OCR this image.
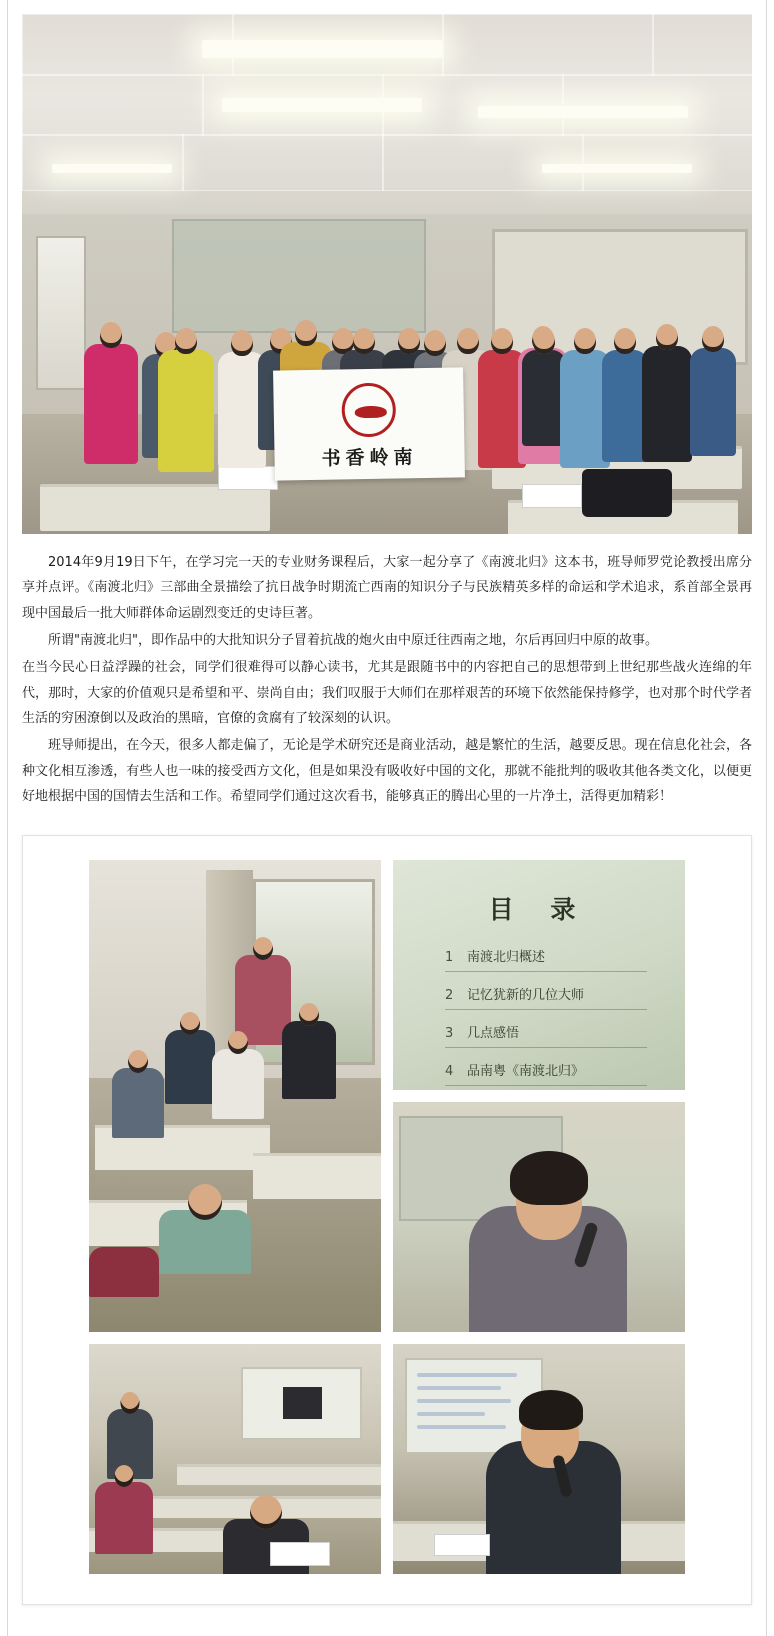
书香岭南

2014年9月19日下午，在学习完一天的专业财务课程后，大家一起分享了《南渡北归》这本书，班导师罗党论教授出席分享并点评。《南渡北归》三部曲全景描绘了抗日战争时期流亡西南的知识分子与民族精英多样的命运和学术追求，系首部全景再现中国最后一批大师群体命运剧烈变迁的史诗巨著。

所谓"南渡北归"，即作品中的大批知识分子冒着抗战的炮火由中原迁往西南之地，尔后再回归中原的故事。

在当今民心日益浮躁的社会，同学们很难得可以静心读书，尤其是跟随书中的内容把自己的思想带到上世纪那些战火连绵的年代，那时，大家的价值观只是希望和平、崇尚自由；我们叹服于大师们在那样艰苦的环境下依然能保持修学，也对那个时代学者生活的穷困潦倒以及政治的黑暗，官僚的贪腐有了较深刻的认识。

班导师提出，在今天，很多人都走偏了，无论是学术研究还是商业活动，越是繁忙的生活，越要反思。现在信息化社会，各种文化相互渗透，有些人也一味的接受西方文化，但是如果没有吸收好中国的文化，那就不能批判的吸收其他各类文化，以便更好地根据中国的国情去生活和工作。希望同学们通过这次看书，能够真正的腾出心里的一片净土，活得更加精彩！

目 录
1 南渡北归概述
2 记忆犹新的几位大师
3 几点感悟
4 品南粤《南渡北归》
